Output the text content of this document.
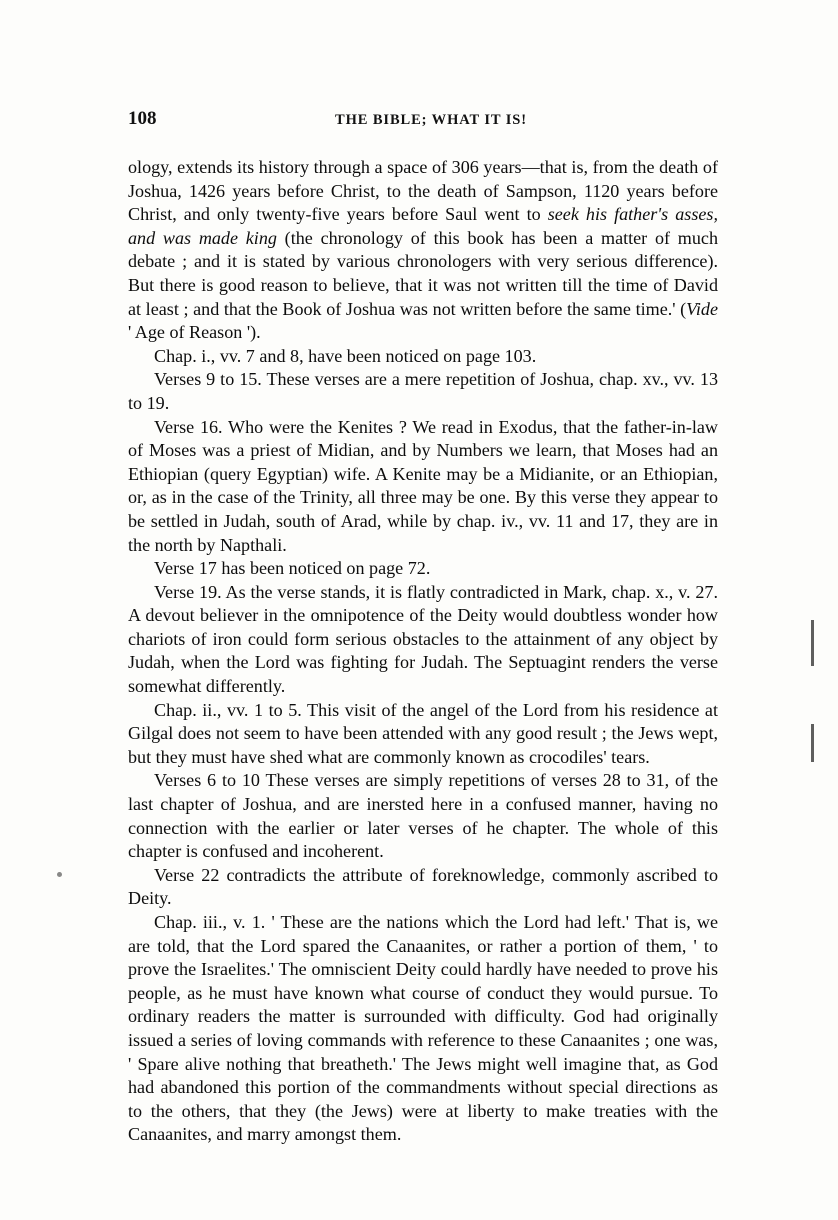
108	THE BIBLE; WHAT IT IS!

ology, extends its history through a space of 306 years—that is, from the death of Joshua, 1426 years before Christ, to the death of Sampson, 1120 years before Christ, and only twenty-five years before Saul went to seek his father's asses, and was made king (the chronology of this book has been a matter of much debate ; and it is stated by various chronologers with very serious difference). But there is good reason to believe, that it was not written till the time of David at least ; and that the Book of Joshua was not written before the same time.' (Vide ' Age of Reason ').

Chap. i., vv. 7 and 8, have been noticed on page 103.

Verses 9 to 15. These verses are a mere repetition of Joshua, chap. xv., vv. 13 to 19.

Verse 16. Who were the Kenites ? We read in Exodus, that the father-in-law of Moses was a priest of Midian, and by Numbers we learn, that Moses had an Ethiopian (query Egyptian) wife. A Kenite may be a Midianite, or an Ethiopian, or, as in the case of the Trinity, all three may be one. By this verse they appear to be settled in Judah, south of Arad, while by chap. iv., vv. 11 and 17, they are in the north by Napthali.

Verse 17 has been noticed on page 72.

Verse 19. As the verse stands, it is flatly contradicted in Mark, chap. x., v. 27. A devout believer in the omnipotence of the Deity would doubtless wonder how chariots of iron could form serious obstacles to the attainment of any object by Judah, when the Lord was fighting for Judah. The Septuagint renders the verse somewhat differently.

Chap. ii., vv. 1 to 5. This visit of the angel of the Lord from his residence at Gilgal does not seem to have been attended with any good result ; the Jews wept, but they must have shed what are commonly known as crocodiles' tears.

Verses 6 to 10 These verses are simply repetitions of verses 28 to 31, of the last chapter of Joshua, and are inersted here in a confused manner, having no connection with the earlier or later verses of he chapter. The whole of this chapter is confused and incoherent.

Verse 22 contradicts the attribute of foreknowledge, commonly ascribed to Deity.

Chap. iii., v. 1. ' These are the nations which the Lord had left.' That is, we are told, that the Lord spared the Canaanites, or rather a portion of them, ' to prove the Israelites.' The omniscient Deity could hardly have needed to prove his people, as he must have known what course of conduct they would pursue. To ordinary readers the matter is surrounded with difficulty. God had originally issued a series of loving commands with reference to these Canaanites ; one was, ' Spare alive nothing that breatheth.' The Jews might well imagine that, as God had abandoned this portion of the commandments without special directions as to the others, that they (the Jews) were at liberty to make treaties with the Canaanites, and marry amongst them.
